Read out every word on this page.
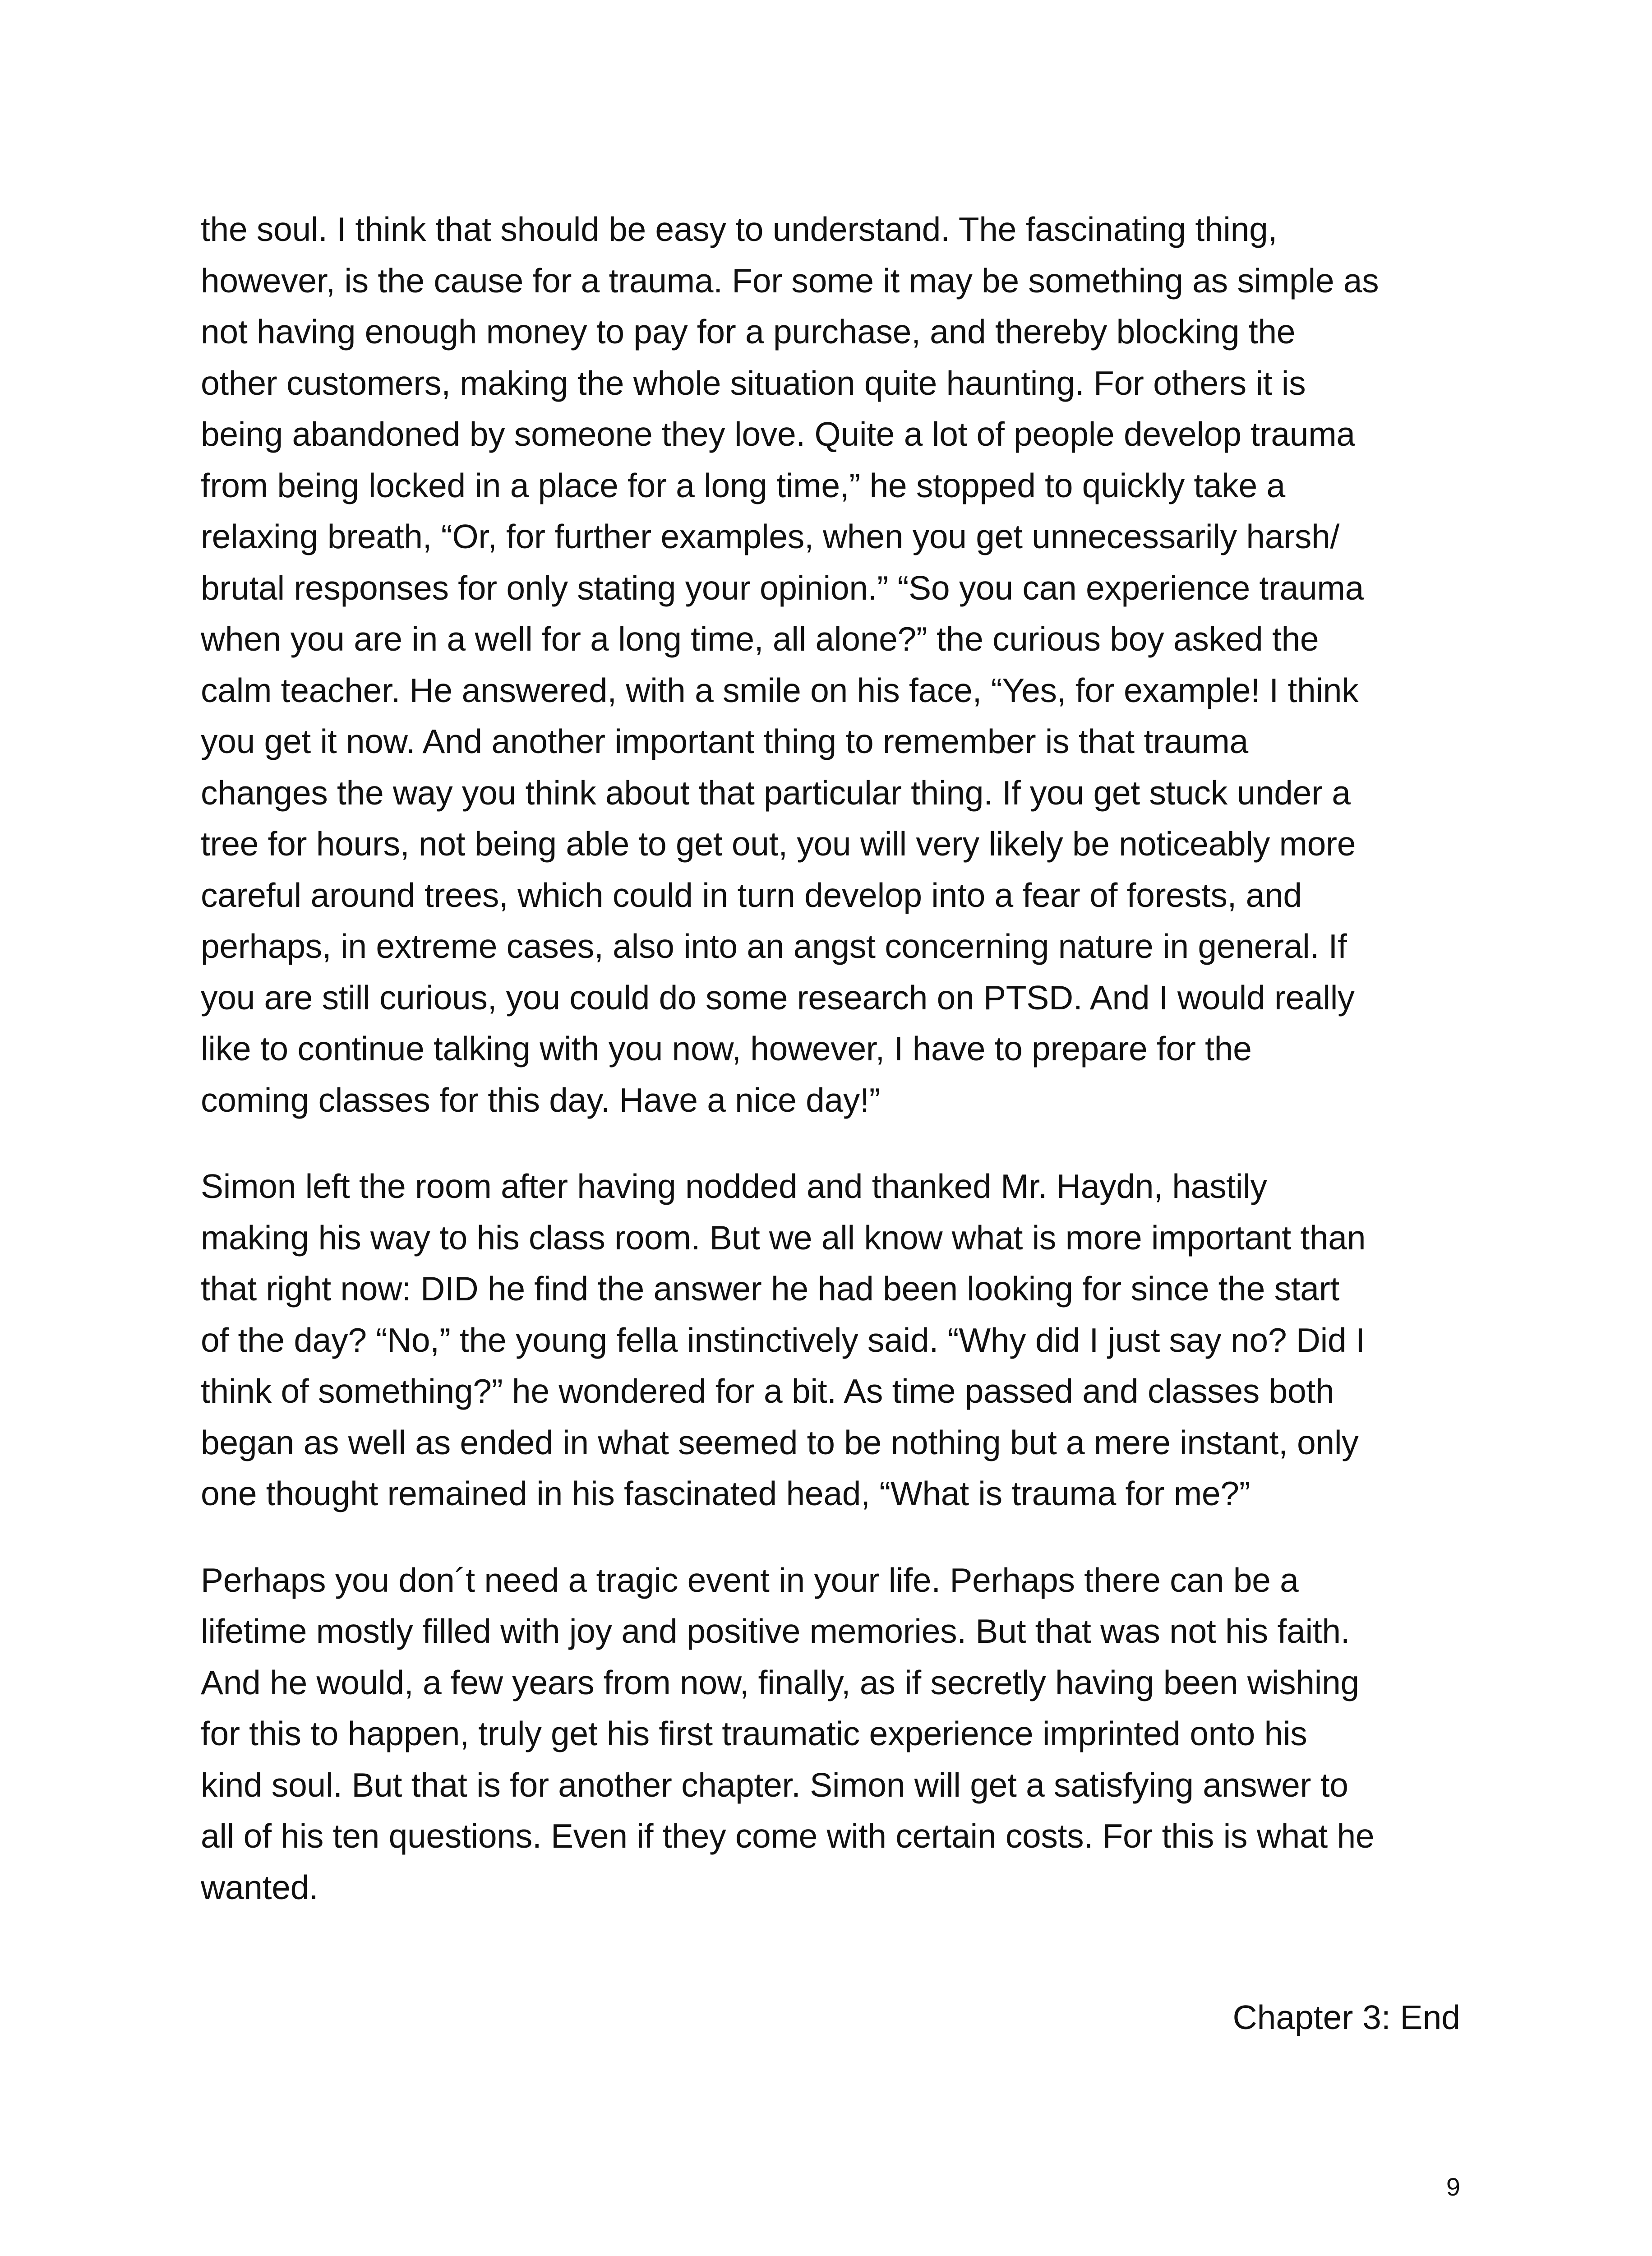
the soul. I think that should be easy to understand. The fascinating thing,
however, is the cause for a trauma. For some it may be something as simple as
not having enough money to pay for a purchase, and thereby blocking the
other customers, making the whole situation quite haunting. For others it is
being abandoned by someone they love. Quite a lot of people develop trauma
from being locked in a place for a long time,” he stopped to quickly take a
relaxing breath, “Or, for further examples, when you get unnecessarily harsh/
brutal responses for only stating your opinion.” “So you can experience trauma
when you are in a well for a long time, all alone?” the curious boy asked the
calm teacher. He answered, with a smile on his face, “Yes, for example! I think
you get it now. And another important thing to remember is that trauma
changes the way you think about that particular thing. If you get stuck under a
tree for hours, not being able to get out, you will very likely be noticeably more
careful around trees, which could in turn develop into a fear of forests, and
perhaps, in extreme cases, also into an angst concerning nature in general. If
you are still curious, you could do some research on PTSD. And I would really
like to continue talking with you now, however, I have to prepare for the
coming classes for this day. Have a nice day!”

Simon left the room after having nodded and thanked Mr. Haydn, hastily
making his way to his class room. But we all know what is more important than
that right now: DID he find the answer he had been looking for since the start
of the day? “No,” the young fella instinctively said. “Why did I just say no? Did I
think of something?” he wondered for a bit. As time passed and classes both
began as well as ended in what seemed to be nothing but a mere instant, only
one thought remained in his fascinated head, “What is trauma for me?”

Perhaps you don´t need a tragic event in your life. Perhaps there can be a
lifetime mostly filled with joy and positive memories. But that was not his faith.
And he would, a few years from now, finally, as if secretly having been wishing
for this to happen, truly get his first traumatic experience imprinted onto his
kind soul. But that is for another chapter. Simon will get a satisfying answer to
all of his ten questions. Even if they come with certain costs. For this is what he
wanted.

Chapter 3: End
9
